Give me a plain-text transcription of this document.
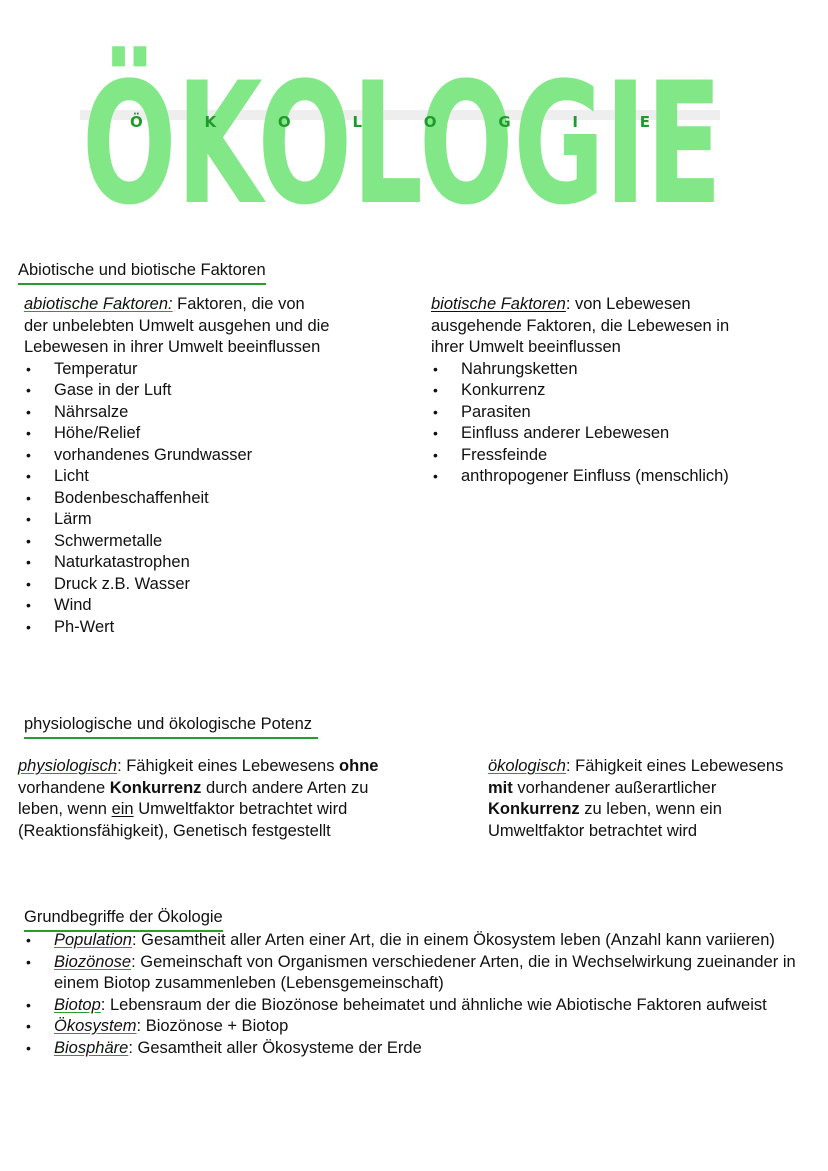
ÖKOLOGIE
Ö	K	O	L	O	G	I	E
Abiotische und biotische Faktoren
abiotische Faktoren: Faktoren, die von
der unbelebten Umwelt ausgehen und die
Lebewesen in ihrer Umwelt beeinflussen
• Temperatur
• Gase in der Luft
• Nährsalze
• Höhe/Relief
• vorhandenes Grundwasser
• Licht
• Bodenbeschaffenheit
• Lärm
• Schwermetalle
• Naturkatastrophen
• Druck z.B. Wasser
• Wind
• Ph-Wert
biotische Faktoren: von Lebewesen
ausgehende Faktoren, die Lebewesen in
ihrer Umwelt beeinflussen
• Nahrungsketten
• Konkurrenz
• Parasiten
• Einfluss anderer Lebewesen
• Fressfeinde
• anthropogener Einfluss (menschlich)
physiologische und ökologische Potenz
physiologisch: Fähigkeit eines Lebewesens ohne
vorhandene Konkurrenz durch andere Arten zu
leben, wenn ein Umweltfaktor betrachtet wird
(Reaktionsfähigkeit), Genetisch festgestellt
ökologisch: Fähigkeit eines Lebewesens
mit vorhandener außerartlicher
Konkurrenz zu leben, wenn ein
Umweltfaktor betrachtet wird
Grundbegriffe der Ökologie
• Population: Gesamtheit aller Arten einer Art, die in einem Ökosystem leben (Anzahl kann variieren)
• Biozönose: Gemeinschaft von Organismen verschiedener Arten, die in Wechselwirkung zueinander in einem Biotop zusammenleben (Lebensgemeinschaft)
• Biotop: Lebensraum der die Biozönose beheimatet und ähnliche wie Abiotische Faktoren aufweist
• Ökosystem: Biozönose + Biotop
• Biosphäre: Gesamtheit aller Ökosysteme der Erde
